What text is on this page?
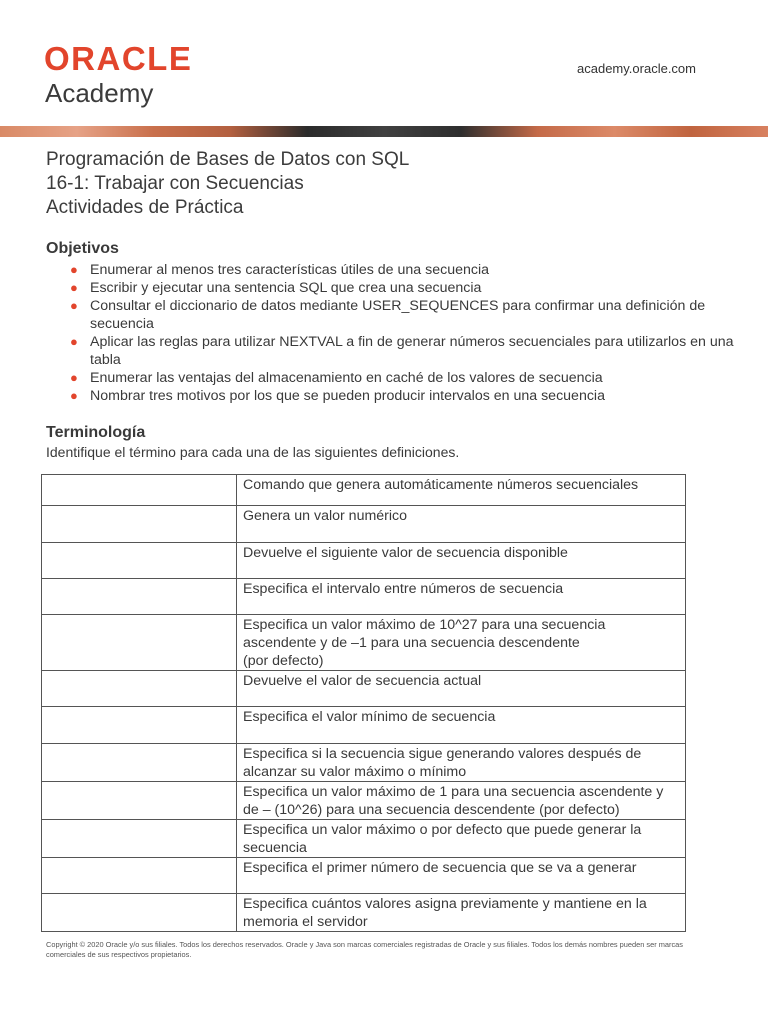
ORACLE
Academy
academy.oracle.com
Programación de Bases de Datos con SQL
16-1: Trabajar con Secuencias
Actividades de Práctica
Objetivos
● Enumerar al menos tres características útiles de una secuencia
● Escribir y ejecutar una sentencia SQL que crea una secuencia
● Consultar el diccionario de datos mediante USER_SEQUENCES para confirmar una definición de secuencia
● Aplicar las reglas para utilizar NEXTVAL a fin de generar números secuenciales para utilizarlos en una tabla
● Enumerar las ventajas del almacenamiento en caché de los valores de secuencia
● Nombrar tres motivos por los que se pueden producir intervalos en una secuencia
Terminología
Identifique el término para cada una de las siguientes definiciones.
	Comando que genera automáticamente números secuenciales
	Genera un valor numérico
	Devuelve el siguiente valor de secuencia disponible
	Especifica el intervalo entre números de secuencia
	Especifica un valor máximo de 10^27 para una secuencia ascendente y de –1 para una secuencia descendente
(por defecto)
	Devuelve el valor de secuencia actual
	Especifica el valor mínimo de secuencia
	Especifica si la secuencia sigue generando valores después de alcanzar su valor máximo o mínimo
	Especifica un valor máximo de 1 para una secuencia ascendente y de – (10^26) para una secuencia descendente (por defecto)
	Especifica un valor máximo o por defecto que puede generar la secuencia
	Especifica el primer número de secuencia que se va a generar
	Especifica cuántos valores asigna previamente y mantiene en la memoria el servidor
Copyright © 2020 Oracle y/o sus filiales. Todos los derechos reservados. Oracle y Java son marcas comerciales registradas de Oracle y sus filiales. Todos los demás nombres pueden ser marcas comerciales de sus respectivos propietarios.
